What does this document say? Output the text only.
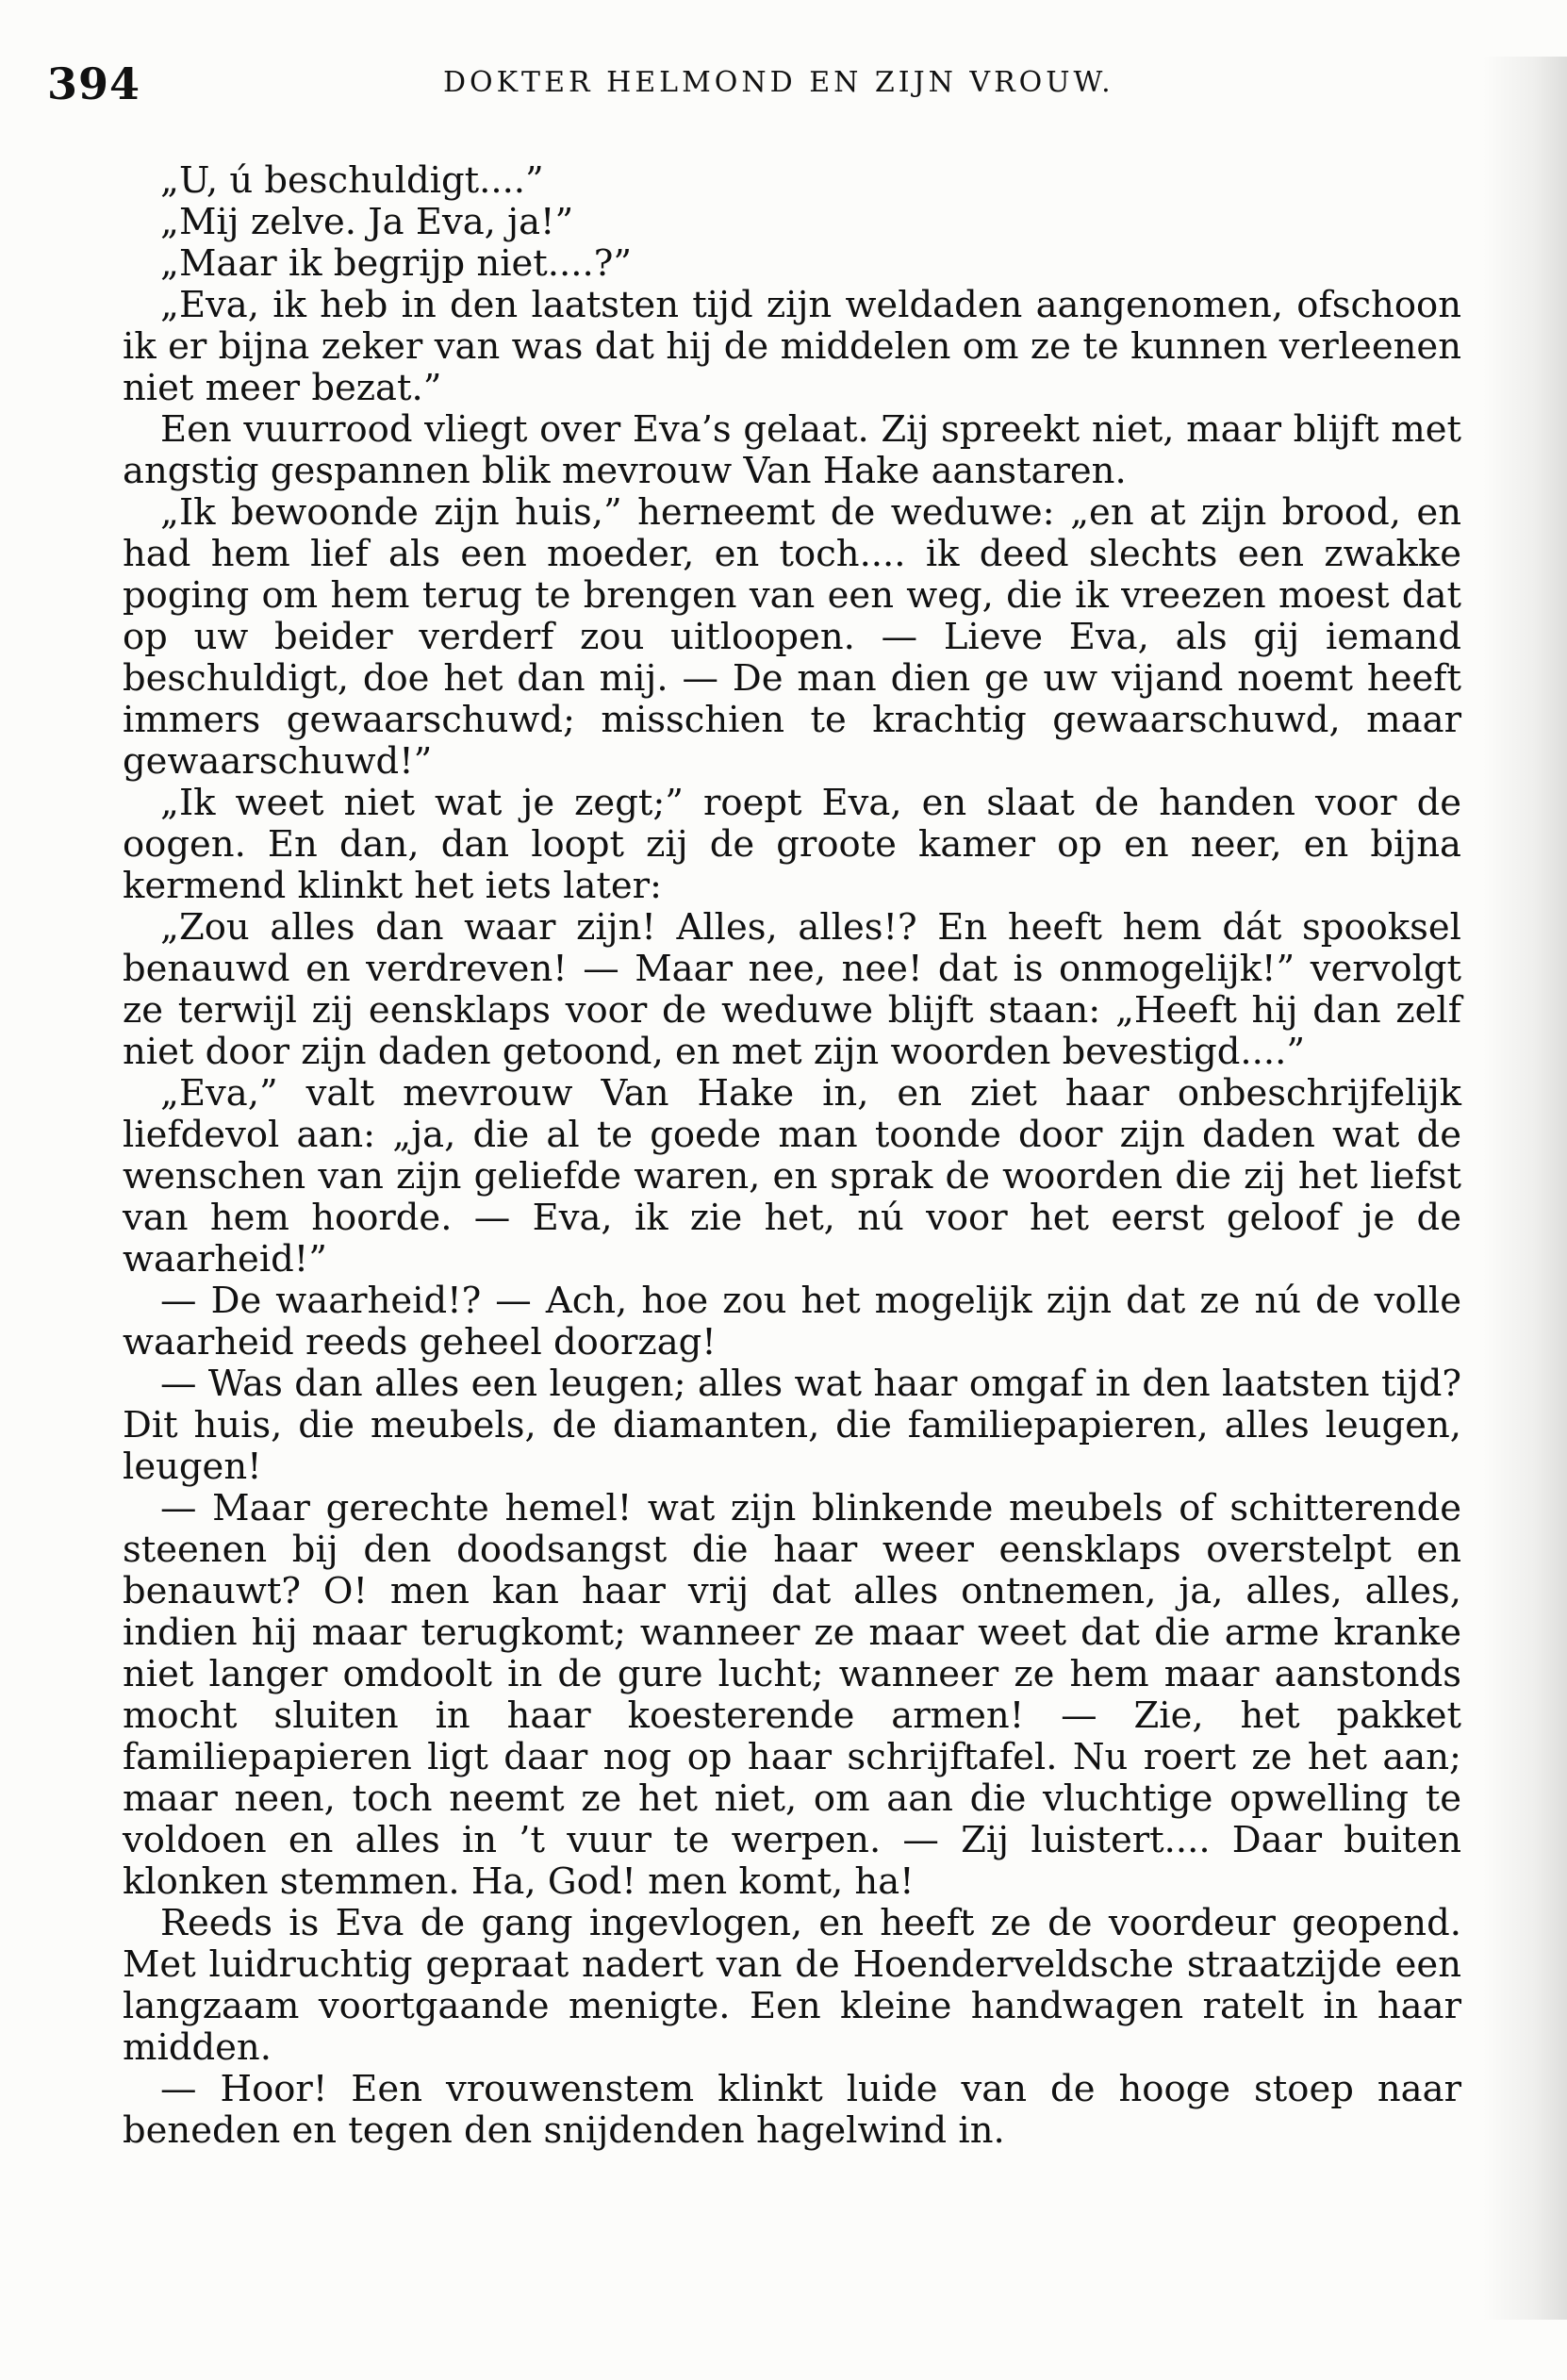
394	DOKTER HELMOND EN ZIJN VROUW.

„U, ú beschuldigt....”

„Mij zelve. Ja Eva, ja!”

„Maar ik begrijp niet....?”

„Eva, ik heb in den laatsten tijd zijn weldaden aangenomen, ofschoon ik er bijna zeker van was dat hij de middelen om ze te kunnen verleenen niet meer bezat.”

Een vuurrood vliegt over Eva’s gelaat. Zij spreekt niet, maar blijft met angstig gespannen blik mevrouw Van Hake aanstaren.

„Ik bewoonde zijn huis,” herneemt de weduwe: „en at zijn brood, en had hem lief als een moeder, en toch.... ik deed slechts een zwakke poging om hem terug te brengen van een weg, die ik vreezen moest dat op uw beider verderf zou uitloopen. — Lieve Eva, als gij iemand beschuldigt, doe het dan mij. — De man dien ge uw vijand noemt heeft immers gewaarschuwd; misschien te krachtig gewaarschuwd, maar gewaarschuwd!”

„Ik weet niet wat je zegt;” roept Eva, en slaat de handen voor de oogen. En dan, dan loopt zij de groote kamer op en neer, en bijna kermend klinkt het iets later:

„Zou alles dan waar zijn! Alles, alles!? En heeft hem dát spooksel benauwd en verdreven! — Maar nee, nee! dat is onmogelijk!” vervolgt ze terwijl zij eensklaps voor de weduwe blijft staan: „Heeft hij dan zelf niet door zijn daden getoond, en met zijn woorden bevestigd....”

„Eva,” valt mevrouw Van Hake in, en ziet haar onbeschrijfelijk liefdevol aan: „ja, die al te goede man toonde door zijn daden wat de wenschen van zijn geliefde waren, en sprak de woorden die zij het liefst van hem hoorde. — Eva, ik zie het, nú voor het eerst geloof je de waarheid!”

— De waarheid!? — Ach, hoe zou het mogelijk zijn dat ze nú de volle waarheid reeds geheel doorzag!

— Was dan alles een leugen; alles wat haar omgaf in den laatsten tijd? Dit huis, die meubels, de diamanten, die familiepapieren, alles leugen, leugen!

— Maar gerechte hemel! wat zijn blinkende meubels of schitterende steenen bij den doodsangst die haar weer eensklaps overstelpt en benauwt? O! men kan haar vrij dat alles ontnemen, ja, alles, alles, indien hij maar terugkomt; wanneer ze maar weet dat die arme kranke niet langer omdoolt in de gure lucht; wanneer ze hem maar aanstonds mocht sluiten in haar koesterende armen! — Zie, het pakket familiepapieren ligt daar nog op haar schrijftafel. Nu roert ze het aan; maar neen, toch neemt ze het niet, om aan die vluchtige opwelling te voldoen en alles in ’t vuur te werpen. — Zij luistert.... Daar buiten klonken stemmen. Ha, God! men komt, ha!

Reeds is Eva de gang ingevlogen, en heeft ze de voordeur geopend. Met luidruchtig gepraat nadert van de Hoenderveldsche straatzijde een langzaam voortgaande menigte. Een kleine handwagen ratelt in haar midden.

— Hoor! Een vrouwenstem klinkt luide van de hooge stoep naar beneden en tegen den snijdenden hagelwind in.
